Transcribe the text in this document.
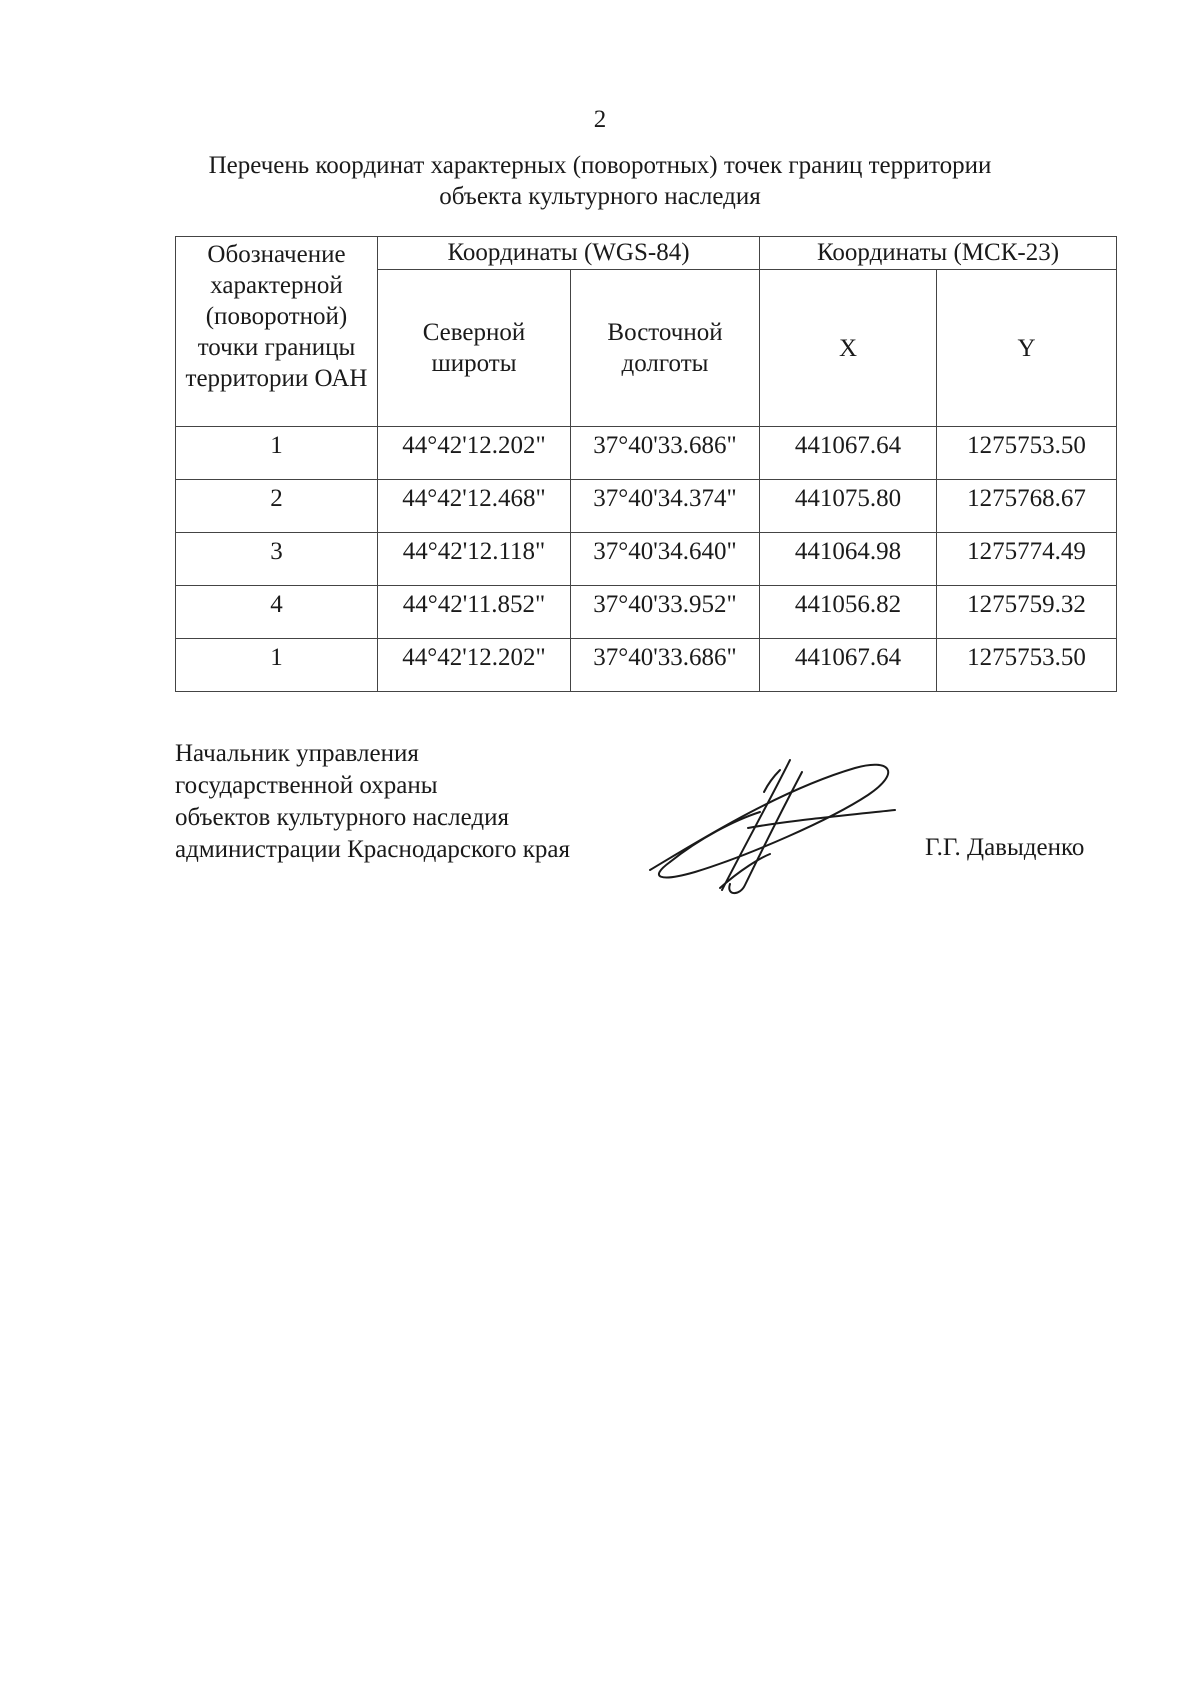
2
Перечень координат характерных (поворотных) точек границ территории
объекта культурного наследия
Обозначение характерной (поворотной) точки границы территории ОАН	Координаты (WGS-84)		Координаты (МСК-23)	
	Северной широты	Восточной долготы	X	Y
1	44°42'12.202"	37°40'33.686"	441067.64	1275753.50
2	44°42'12.468"	37°40'34.374"	441075.80	1275768.67
3	44°42'12.118"	37°40'34.640"	441064.98	1275774.49
4	44°42'11.852"	37°40'33.952"	441056.82	1275759.32
1	44°42'12.202"	37°40'33.686"	441067.64	1275753.50
Начальник управления
государственной охраны
объектов культурного наследия
администрации Краснодарского края	Г.Г. Давыденко
